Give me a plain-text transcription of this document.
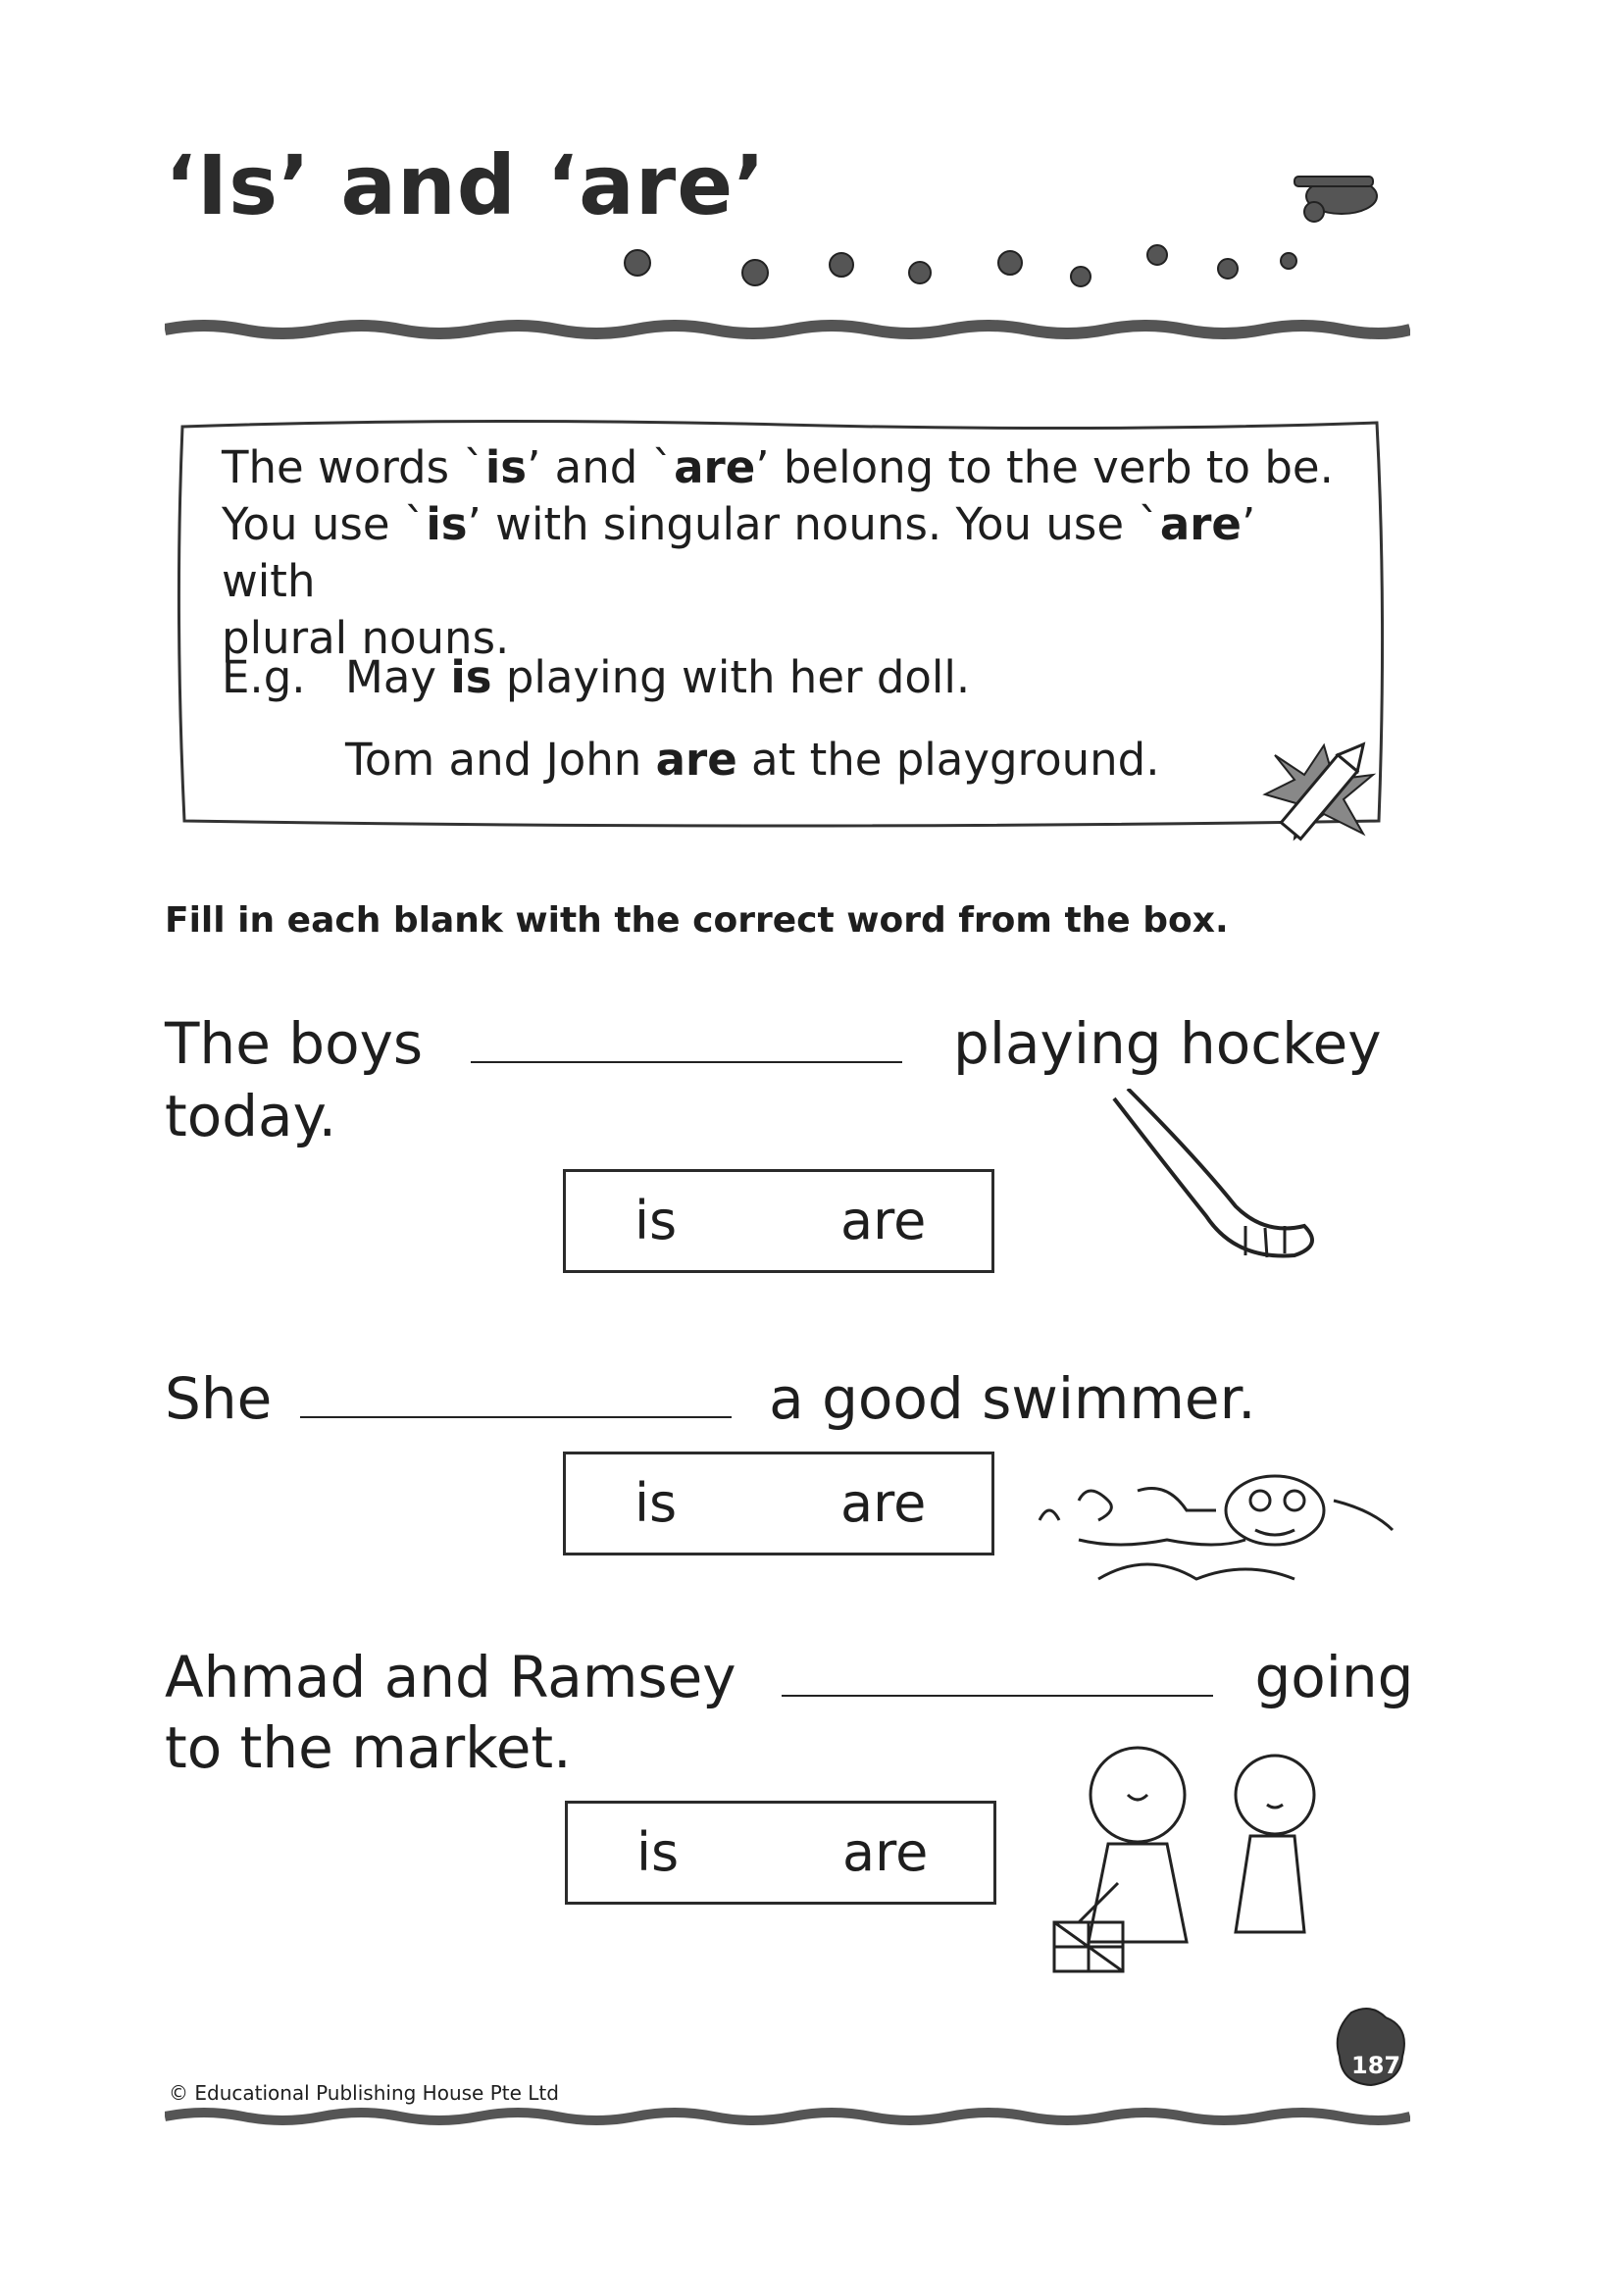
‘Is’ and ‘are’
The words `is’ and `are’ belong to the verb to be.
You use `is’ with singular nouns. You use `are’ with
plural nouns.
E.g. May is playing with her doll.
Tom and John are at the playground.
Fill in each blank with the correct word from the box.
The boys	playing hockey
today.
is	are
She	a good swimmer.
is	are
Ahmad and Ramsey	going
to the market.
is	are
187
© Educational Publishing House Pte Ltd
